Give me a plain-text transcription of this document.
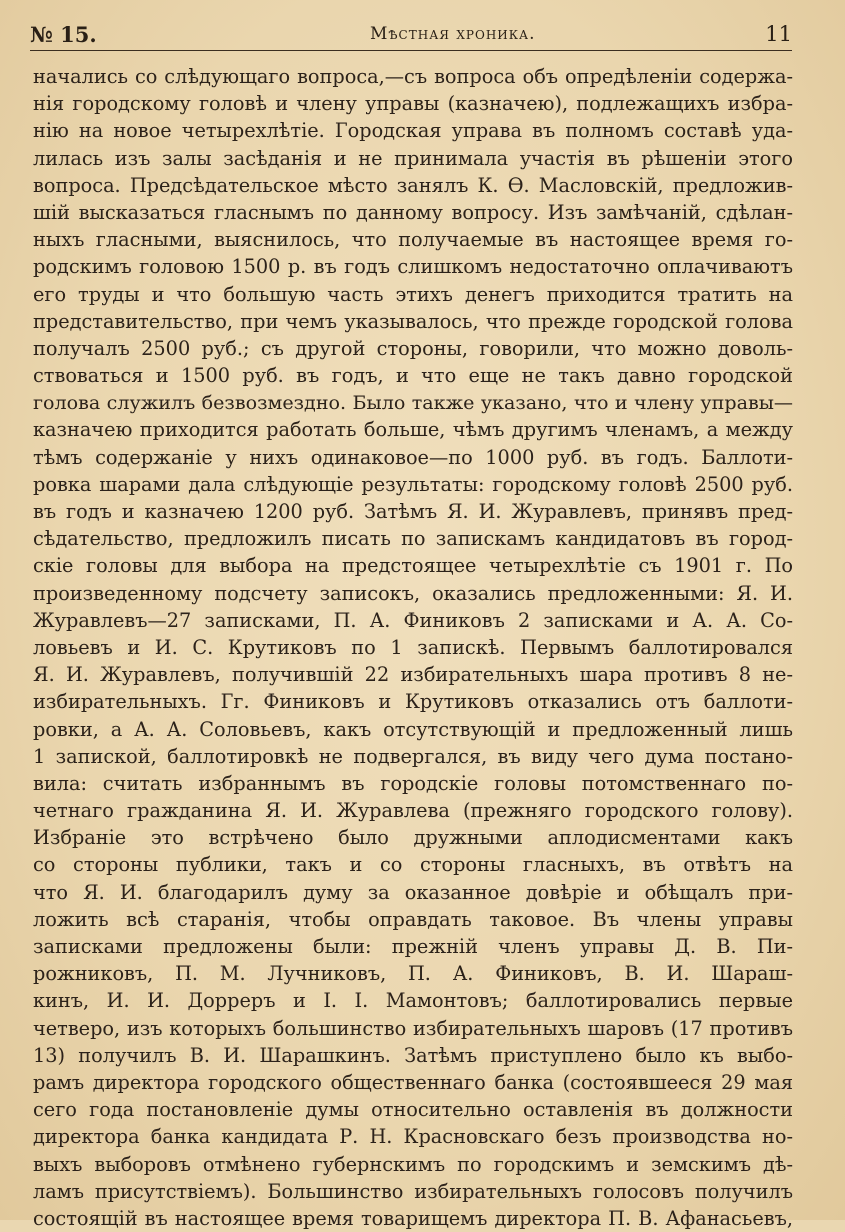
№ 15.	Мѣстная хроника.	11
начались со слѣдующаго вопроса,—съ вопроса объ опредѣленіи содержа-
нія городскому головѣ и члену управы (казначею), подлежащихъ избра-
нію на новое четырехлѣтіе. Городская управа въ полномъ составѣ уда-
лилась изъ залы засѣданія и не принимала участія въ рѣшеніи этого
вопроса. Предсѣдательское мѣсто занялъ К. Ѳ. Масловскій, предложив-
шій высказаться гласнымъ по данному вопросу. Изъ замѣчаній, сдѣлан-
ныхъ гласными, выяснилось, что получаемые въ настоящее время го-
родскимъ головою 1500 р. въ годъ слишкомъ недостаточно оплачиваютъ
его труды и что большую часть этихъ денегъ приходится тратить на
представительство, при чемъ указывалось, что прежде городской голова
получалъ 2500 руб.; съ другой стороны, говорили, что можно доволь-
ствоваться и 1500 руб. въ годъ, и что еще не такъ давно городской
голова служилъ безвозмездно. Было также указано, что и члену управы—
казначею приходится работать больше, чѣмъ другимъ членамъ, а между
тѣмъ содержаніе у нихъ одинаковое—по 1000 руб. въ годъ. Баллоти-
ровка шарами дала слѣдующіе результаты: городскому головѣ 2500 руб.
въ годъ и казначею 1200 руб. Затѣмъ Я. И. Журавлевъ, принявъ пред-
сѣдательство, предложилъ писать по запискамъ кандидатовъ въ город-
скіе головы для выбора на предстоящее четырехлѣтіе съ 1901 г. По
произведенному подсчету записокъ, оказались предложенными: Я. И.
Журавлевъ—27 записками, П. А. Финиковъ 2 записками и А. А. Со-
ловьевъ и И. С. Крутиковъ по 1 запискѣ. Первымъ баллотировался
Я. И. Журавлевъ, получившій 22 избирательныхъ шара противъ 8 не-
избирательныхъ. Гг. Финиковъ и Крутиковъ отказались отъ баллоти-
ровки, а А. А. Соловьевъ, какъ отсутствующій и предложенный лишь
1 запиской, баллотировкѣ не подвергался, въ виду чего дума постано-
вила: считать избраннымъ въ городскіе головы потомственнаго по-
четнаго гражданина Я. И. Журавлева (прежняго городского голову).
Избраніе это встрѣчено было дружными аплодисментами какъ
со стороны публики, такъ и со стороны гласныхъ, въ отвѣтъ на
что Я. И. благодарилъ думу за оказанное довѣріе и обѣщалъ при-
ложить всѣ старанія, чтобы оправдать таковое. Въ члены управы
записками предложены были: прежній членъ управы Д. В. Пи-
рожниковъ, П. М. Лучниковъ, П. А. Финиковъ, В. И. Шараш-
кинъ, И. И. Дорреръ и І. І. Мамонтовъ; баллотировались первые
четверо, изъ которыхъ большинство избирательныхъ шаровъ (17 противъ
13) получилъ В. И. Шарашкинъ. Затѣмъ приступлено было къ выбо-
рамъ директора городского общественнаго банка (состоявшееся 29 мая
сего года постановленіе думы относительно оставленія въ должности
директора банка кандидата Р. Н. Красновскаго безъ производства но-
выхъ выборовъ отмѣнено губернскимъ по городскимъ и земскимъ дѣ-
ламъ присутствіемъ). Большинство избирательныхъ голосовъ получилъ
состоящій въ настоящее время товарищемъ директора П. В. Афанасьевъ,
